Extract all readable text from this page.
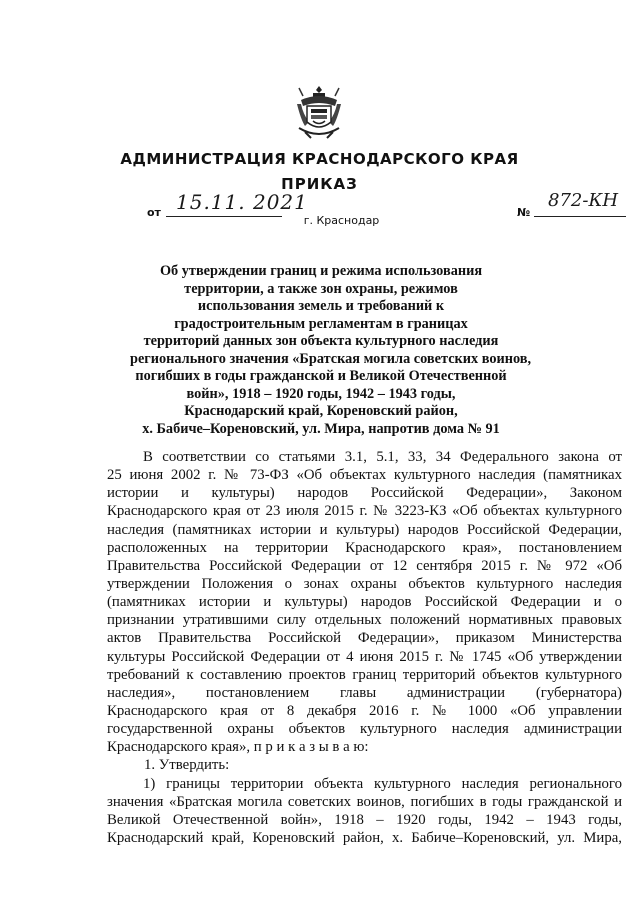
АДМИНИСТРАЦИЯ КРАСНОДАРСКОГО КРАЯ
ПРИКАЗ
от 15.11. 2021
г. Краснодар
№
872-КН
Об утверждении границ и режима использования
территории, а также зон охраны, режимов
использования земель и требований к
градостроительным регламентам в границах
территорий данных зон объекта культурного наследия
регионального значения «Братская могила советских воинов,
погибших в годы гражданской и Великой Отечественной
войн», 1918 – 1920 годы, 1942 – 1943 годы,
Краснодарский край, Кореновский район,
х. Бабиче–Кореновский, ул. Мира, напротив дома № 91
В соответствии со статьями 3.1, 5.1, 33, 34 Федерального закона от
25 июня 2002 г. № 73-ФЗ «Об объектах культурного наследия (памятниках
истории и культуры) народов Российской Федерации», Законом
Краснодарского края от 23 июля 2015 г. № 3223-КЗ «Об объектах культурного
наследия (памятниках истории и культуры) народов Российской Федерации,
расположенных на территории Краснодарского края», постановлением
Правительства Российской Федерации от 12 сентября 2015 г. № 972 «Об
утверждении Положения о зонах охраны объектов культурного наследия
(памятниках истории и культуры) народов Российской Федерации и о
признании утратившими силу отдельных положений нормативных правовых
актов Правительства Российской Федерации», приказом Министерства
культуры Российской Федерации от 4 июня 2015 г. № 1745 «Об утверждении
требований к составлению проектов границ территорий объектов культурного
наследия», постановлением главы администрации (губернатора)
Краснодарского края от 8 декабря 2016 г. № 1000 «Об управлении
государственной охраны объектов культурного наследия администрации
Краснодарского края», п р и к а з ы в а ю:
1. Утвердить:
1) границы территории объекта культурного наследия регионального
значения «Братская могила советских воинов, погибших в годы гражданской и
Великой Отечественной войн», 1918 – 1920 годы, 1942 – 1943 годы,
Краснодарский край, Кореновский район, х. Бабиче–Кореновский, ул. Мира,
